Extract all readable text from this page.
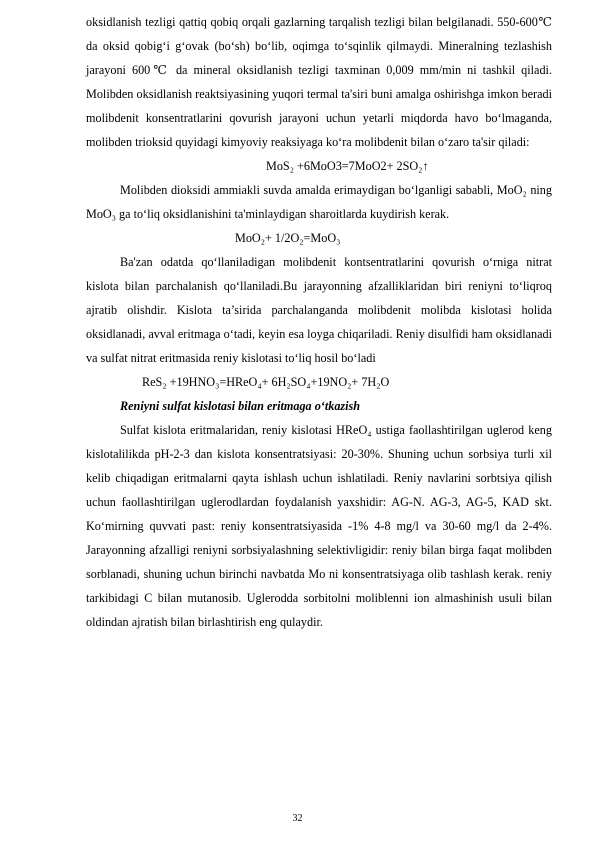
oksidlanish tezligi qattiq qobiq orqali gazlarning tarqalish tezligi bilan belgilanadi. 550-600℃ da oksid qobig‘i g‘ovak (bo‘sh) bo‘lib, oqimga to‘sqinlik qilmaydi. Mineralning tezlashish jarayoni 600℃ da mineral oksidlanish tezligi taxminan 0,009 mm/min ni tashkil qiladi. Molibden oksidlanish reaktsiyasining yuqori termal ta'siri buni amalga oshirishga imkon beradi molibdenit konsentratlarini qovurish jarayoni uchun yetarli miqdorda havo bo‘lmaganda, molibden trioksid quyidagi kimyoviy reaksiyaga ko‘ra molibdenit bilan o‘zaro ta'sir qiladi:

MoS₂ +6MoO3=7MoO2+ 2SO₂↑

Molibden dioksidi ammiakli suvda amalda erimaydigan bo‘lganligi sababli, MoO₂ ning MoO₃ ga to‘liq oksidlanishini ta'minlaydigan sharoitlarda kuydirish kerak.

MoO₂+ 1/2O₂=MoO₃

Ba'zan odatda qo‘llaniladigan molibdenit kontsentratlarini qovurish o‘rniga nitrat kislota bilan parchalanish qo‘llaniladi.Bu jarayonning afzalliklaridan biri reniyni to‘liqroq ajratib olishdir. Kislota ta’sirida parchalanganda molibdenit molibda kislotasi holida oksidlanadi, avval eritmaga o‘tadi, keyin esa loyga chiqariladi. Reniy disulfidi ham oksidlanadi va sulfat nitrat eritmasida reniy kislotasi to‘liq hosil bo‘ladi

ReS₂ +19HNO₃=HReO₄+ 6H₂SO₄+19NO₂+ 7H₂O

Reniyni sulfat kislotasi bilan eritmaga o‘tkazish

Sulfat kislota eritmalaridan, reniy kislotasi HReO₄ ustiga faollashtirilgan uglerod keng kislotalilikda pH-2-3 dan kislota konsentratsiyasi: 20-30%. Shuning uchun sorbsiya turli xil kelib chiqadigan eritmalarni qayta ishlash uchun ishlatiladi. Reniy navlarini sorbtsiya qilish uchun faollashtirilgan uglerodlardan foydalanish yaxshidir: AG-N. AG-3, AG-5, KAD skt. Ko‘mirning quvvati past: reniy konsentratsiyasida -1% 4-8 mg/l va 30-60 mg/l da 2-4%. Jarayonning afzalligi reniyni sorbsiyalashning selektivligidir: reniy bilan birga faqat molibden sorblanadi, shuning uchun birinchi navbatda Mo ni konsentratsiyaga olib tashlash kerak. reniy tarkibidagi C bilan mutanosib. Uglerodda sorbitolni moliblenni ion almashinish usuli bilan oldindan ajratish bilan birlashtirish eng qulaydir.

32
